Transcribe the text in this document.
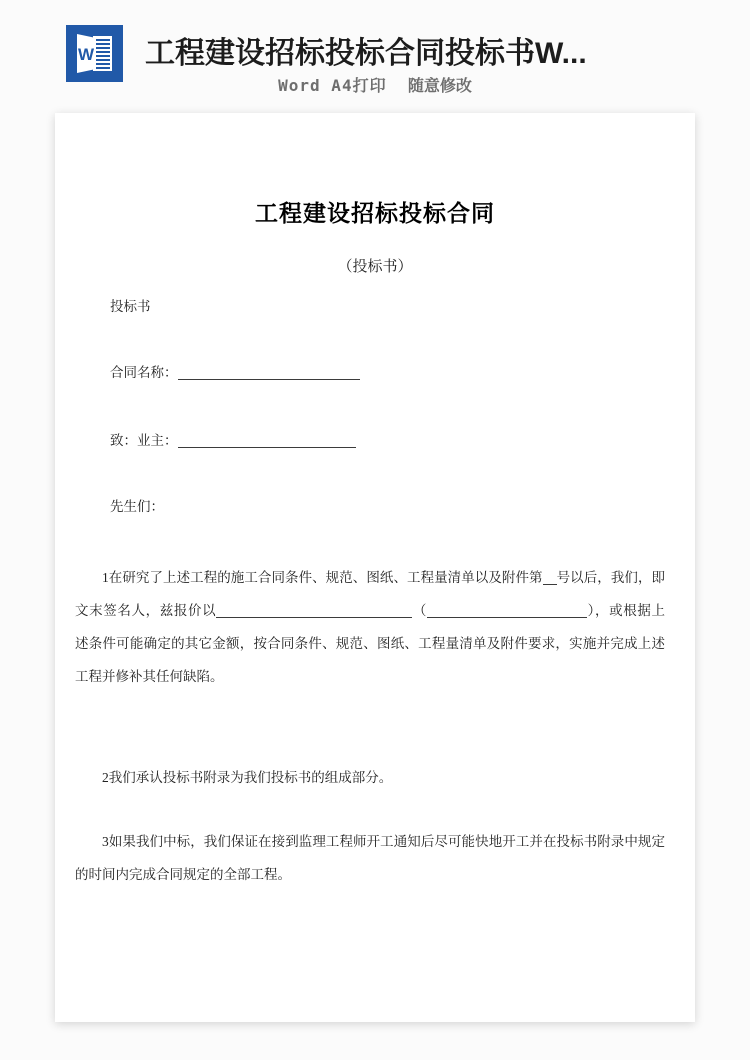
W 工程建设招标投标合同投标书W...
Word A4打印 随意修改
工程建设招标投标合同
（投标书）
投标书
合同名称：
致：业主：
先生们：
1在研究了上述工程的施工合同条件、规范、图纸、工程量清单以及附件第 号以后，我们，即文末签名人，兹报价以	（	），或根据上述条件可能确定的其它金额，按合同条件、规范、图纸、工程量清单及附件要求，实施并完成上述工程并修补其任何缺陷。
2我们承认投标书附录为我们投标书的组成部分。
3如果我们中标，我们保证在接到监理工程师开工通知后尽可能快地开工并在投标书附录中规定的时间内完成合同规定的全部工程。
